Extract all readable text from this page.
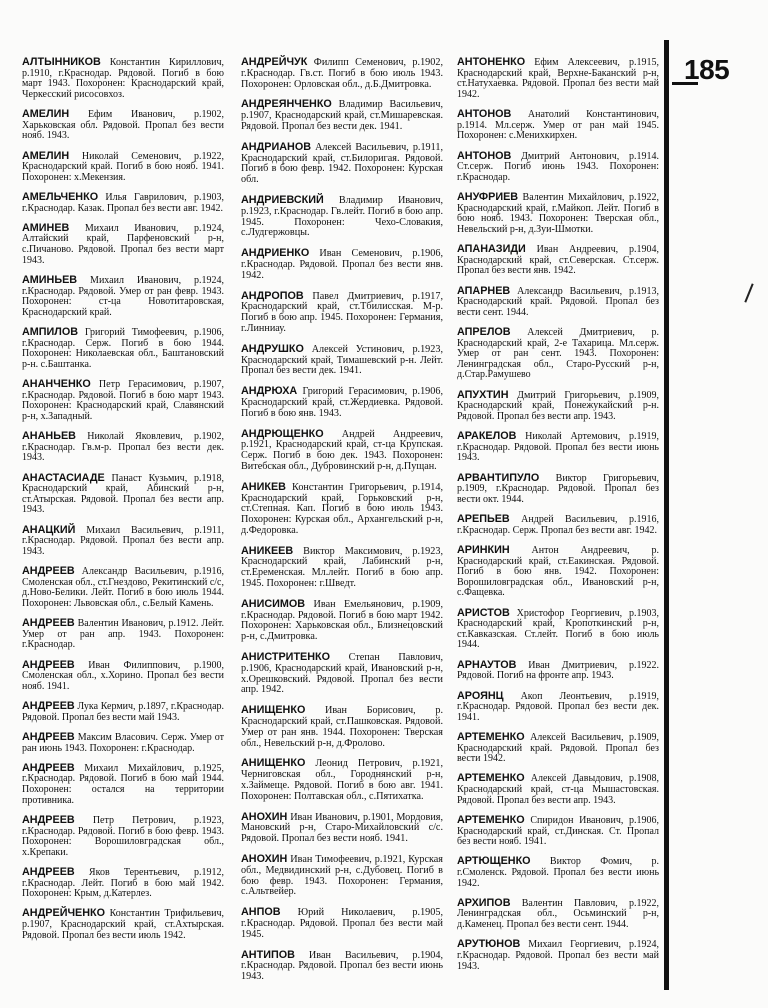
185

АЛТЫННИКОВ Константин Кириллович, р.1910, г.Краснодар. Рядовой. Погиб в бою март 1943. Похоронен: Краснодарский край, Черкесский рисосовхоз.

АМЕЛИН Ефим Иванович, р.1902, Харьковская обл. Рядовой. Пропал без вести нояб. 1943.

АМЕЛИН Николай Семенович, р.1922, Краснодарский край. Погиб в бою нояб. 1941. Похоронен: х.Мекензия.

АМЕЛЬЧЕНКО Илья Гаврилович, р.1903, г.Краснодар. Казак. Пропал без вести авг. 1942.

АМИНЕВ Михаил Иванович, р.1924, Алтайский край, Парфеновский р-н, с.Пичаново. Рядовой. Пропал без вести март 1943.

АМИНЬЕВ Михаил Иванович, р.1924, г.Краснодар. Рядовой. Умер от ран февр. 1943. Похоронен: ст-ца Новотитаровская, Краснодарский край.

АМПИЛОВ Григорий Тимофеевич, р.1906, г.Краснодар. Серж. Погиб в бою 1944. Похоронен: Николаевская обл., Баштановский р-н. с.Баштанка.

АНАНЧЕНКО Петр Герасимович, р.1907, г.Краснодар. Рядовой. Погиб в бою март 1943. Похоронен: Краснодарский край, Славянский р-н, х.Западный.

АНАНЬЕВ Николай Яковлевич, р.1902, г.Краснодар. Гв.м-р. Пропал без вести дек. 1943.

АНАСТАСИАДЕ Панаст Кузьмич, р.1918, Краснодарский край, Абинский р-н, ст.Атырская. Рядовой. Пропал без вести апр. 1943.

АНАЦКИЙ Михаил Васильевич, р.1911, г.Краснодар. Рядовой. Пропал без вести апр. 1943.

АНДРЕЕВ Александр Васильевич, р.1916, Смоленская обл., ст.Гнездово, Рекитинский с/с, д.Ново-Белики. Лейт. Погиб в бою июль 1944. Похоронен: Львовская обл., с.Белый Камень.

АНДРЕЕВ Валентин Иванович, р.1912. Лейт. Умер от ран апр. 1943. Похоронен: г.Краснодар.

АНДРЕЕВ Иван Филиппович, р.1900, Смоленская обл., х.Хорино. Пропал без вести нояб. 1941.

АНДРЕЕВ Лука Кермич, р.1897, г.Краснодар. Рядовой. Пропал без вести май 1943.

АНДРЕЕВ Максим Власович. Серж. Умер от ран июнь 1943. Похоронен: г.Краснодар.

АНДРЕЕВ Михаил Михайлович, р.1925, г.Краснодар. Рядовой. Погиб в бою май 1944. Похоронен: остался на территории противника.

АНДРЕЕВ Петр Петрович, р.1923, г.Краснодар. Рядовой. Погиб в бою февр. 1943. Похоронен: Ворошиловградская обл., х.Крепаки.

АНДРЕЕВ Яков Терентьевич, р.1912, г.Краснодар. Лейт. Погиб в бою май 1942. Похоронен: Крым, д.Катерлез.

АНДРЕЙЧЕНКО Константин Трифильевич, р.1907, Краснодарский край, ст.Ахтырская. Рядовой. Пропал без вести июль 1942.

АНДРЕЙЧУК Филипп Семенович, р.1902, г.Краснодар. Гв.ст. Погиб в бою июль 1943. Похоронен: Орловская обл., д.Б.Дмитровка.

АНДРЕЯНЧЕНКО Владимир Васильевич, р.1907, Краснодарский край, ст.Мишаревская. Рядовой. Пропал без вести дек. 1941.

АНДРИАНОВ Алексей Васильевич, р.1911, Краснодарский край, ст.Билоригая. Рядовой. Погиб в бою февр. 1942. Похоронен: Курская обл.

АНДРИЕВСКИЙ Владимир Иванович, р.1923, г.Краснодар. Гв.лейт. Погиб в бою апр. 1945. Похоронен: Чехо-Словакия, с.Лудгержовцы.

АНДРИЕНКО Иван Семенович, р.1906, г.Краснодар. Рядовой. Пропал без вести янв. 1942.

АНДРОПОВ Павел Дмитриевич, р.1917, Краснодарский край, ст.Тбилисская. М-р. Погиб в бою апр. 1945. Похоронен: Германия, г.Линниау.

АНДРУШКО Алексей Устинович, р.1923, Краснодарский край, Тимашевский р-н. Лейт. Пропал без вести дек. 1941.

АНДРЮХА Григорий Герасимович, р.1906, Краснодарский край, ст.Жердиевка. Рядовой. Погиб в бою янв. 1943.

АНДРЮЩЕНКО Андрей Андреевич, р.1921, Краснодарский край, ст-ца Крупская. Серж. Погиб в бою дек. 1943. Похоронен: Витебская обл., Дубровинский р-н, д.Пущан.

АНИКЕВ Константин Григорьевич, р.1914, Краснодарский край, Горьковский р-н, ст.Степная. Кап. Погиб в бою июль 1943. Похоронен: Курская обл., Архангельский р-н, д.Федоровка.

АНИКЕЕВ Виктор Максимович, р.1923, Краснодарский край, Лабинский р-н, ст.Еременская. Мл.лейт. Погиб в бою апр. 1945. Похоронен: г.Шведт.

АНИСИМОВ Иван Емельянович, р.1909, г.Краснодар. Рядовой. Погиб в бою март 1942. Похоронен: Харьковская обл., Близнецовский р-н, с.Дмитровка.

АНИСТРИТЕНКО Степан Павлович, р.1906, Краснодарский край, Ивановский р-н, х.Орешковский. Рядовой. Пропал без вести апр. 1942.

АНИЩЕНКО Иван Борисович, р. Краснодарский край, ст.Пашковская. Рядовой. Умер от ран янв. 1944. Похоронен: Тверская обл., Невельский р-н, д.Фролово.

АНИЩЕНКО Леонид Петрович, р.1921, Черниговская обл., Городнянский р-н, х.Займеще. Рядовой. Погиб в бою авг. 1941. Похоронен: Полтавская обл., с.Пятихатка.

АНОХИН Иван Иванович, р.1901, Мордовия, Мановский р-н, Старо-Михайловский с/с. Рядовой. Пропал без вести нояб. 1941.

АНОХИН Иван Тимофеевич, р.1921, Курская обл., Медвидинский р-н, с.Дубовец. Погиб в бою февр. 1943. Похоронен: Германия, с.Альтвейер.

АНПОВ Юрий Николаевич, р.1905, г.Краснодар. Рядовой. Пропал без вести май 1945.

АНТИПОВ Иван Васильевич, р.1904, г.Краснодар. Рядовой. Пропал без вести июнь 1943.

АНТОНЕНКО Ефим Алексеевич, р.1915, Краснодарский край, Верхне-Баканский р-н, ст.Натухаевка. Рядовой. Пропал без вести май 1942.

АНТОНОВ Анатолий Константинович, р.1914. Мл.серж. Умер от ран май 1945. Похоронен: с.Менихкирхен.

АНТОНОВ Дмитрий Антонович, р.1914. Ст.серж. Погиб июнь 1943. Похоронен: г.Краснодар.

АНУФРИЕВ Валентин Михайлович, р.1922, Краснодарский край, г.Майкоп. Лейт. Погиб в бою нояб. 1943. Похоронен: Тверская обл., Невельский р-н, д.Зуи-Шмотки.

АПАНАЗИДИ Иван Андреевич, р.1904, Краснодарский край, ст.Северская. Ст.серж. Пропал без вести янв. 1942.

АПАРНЕВ Александр Васильевич, р.1913, Краснодарский край. Рядовой. Пропал без вести сент. 1944.

АПРЕЛОВ Алексей Дмитриевич, р. Краснодарский край, 2-е Тахарица. Мл.серж. Умер от ран сент. 1943. Похоронен: Ленинградская обл., Старо-Русский р-н, д.Стар.Рамушево

АПУХТИН Дмитрий Григорьевич, р.1909, Краснодарский край, Понежукайский р-н. Рядовой. Пропал без вести апр. 1943.

АРАКЕЛОВ Николай Артемович, р.1919, г.Краснодар. Рядовой. Пропал без вести июнь 1943.

АРВАНТИПУЛО Виктор Григорьевич, р.1909, г.Краснодар. Рядовой. Пропал без вести окт. 1944.

АРЕПЬЕВ Андрей Васильевич, р.1916, г.Краснодар. Серж. Пропал без вести авг. 1942.

АРИНКИН Антон Андреевич, р. Краснодарский край, ст.Еакинская. Рядовой. Погиб в бою янв. 1942. Похоронен: Ворошиловградская обл., Ивановский р-н, с.Фащевка.

АРИСТОВ Христофор Георгиевич, р.1903, Краснодарский край, Кропоткинский р-н, ст.Кавказская. Ст.лейт. Погиб в бою июль 1944.

АРНАУТОВ Иван Дмитриевич, р.1922. Рядовой. Погиб на фронте апр. 1943.

АРОЯНЦ Акоп Леонтьевич, р.1919, г.Краснодар. Рядовой. Пропал без вести дек. 1941.

АРТЕМЕНКО Алексей Васильевич, р.1909, Краснодарский край. Рядовой. Пропал без вести 1942.

АРТЕМЕНКО Алексей Давыдович, р.1908, Краснодарский край, ст-ца Мышастовская. Рядовой. Пропал без вести апр. 1943.

АРТЕМЕНКО Спиридон Иванович, р.1906, Краснодарский край, ст.Динская. Ст. Пропал без вести нояб. 1941.

АРТЮЩЕНКО Виктор Фомич, р. г.Смоленск. Рядовой. Пропал без вести июнь 1942.

АРХИПОВ Валентин Павлович, р.1922, Ленинградская обл., Осьминский р-н, д.Каменец. Пропал без вести сент. 1944.

АРУТЮНОВ Михаил Георгиевич, р.1924, г.Краснодар. Рядовой. Пропал без вести май 1943.
